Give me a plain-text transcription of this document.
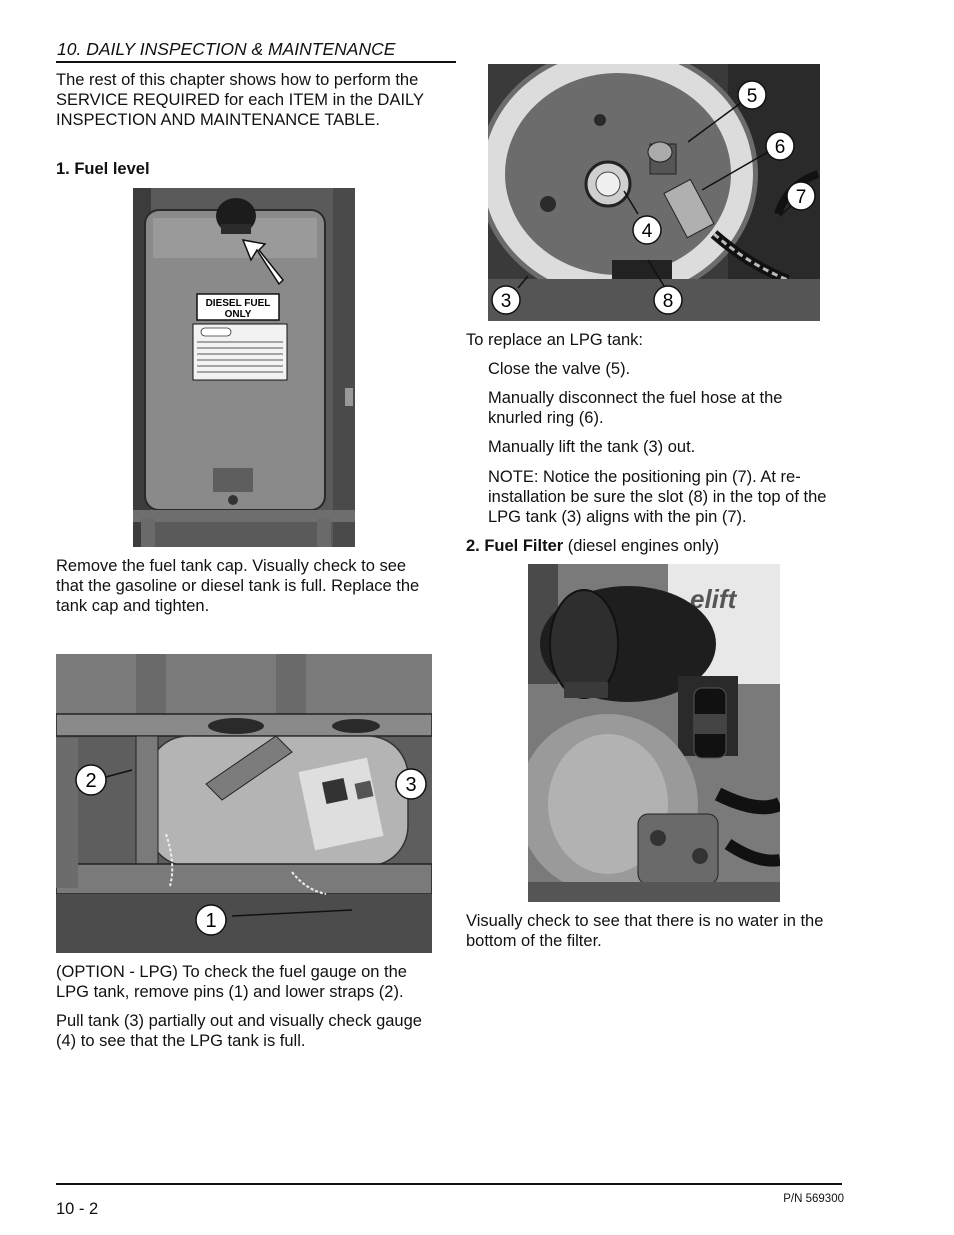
10. DAILY INSPECTION & MAINTENANCE
The rest of this chapter shows how to perform the SERVICE REQUIRED for each ITEM in the DAILY INSPECTION AND MAINTENANCE TABLE.
1. Fuel level
DIESEL FUEL
ONLY
Remove the fuel tank cap. Visually check to see that the gasoline or diesel tank is full. Replace the tank cap and tighten.
2	3
1
(OPTION - LPG) To check the fuel gauge on the LPG tank, remove pins (1) and lower straps (2).
Pull tank (3) partially out and visually check gauge (4) to see that the LPG tank is full.
5
6
7
4
3	8
To replace an LPG tank:
Close the valve (5).
Manually disconnect the fuel hose at the knurled ring (6).
Manually lift the tank (3) out.
NOTE: Notice the positioning pin (7). At re-installation be sure the slot (8) in the top of the LPG tank (3) aligns with the pin (7).
2. Fuel Filter (diesel engines only)
elift
Visually check to see that there is no water in the bottom of the filter.
10 - 2
P/N 569300
